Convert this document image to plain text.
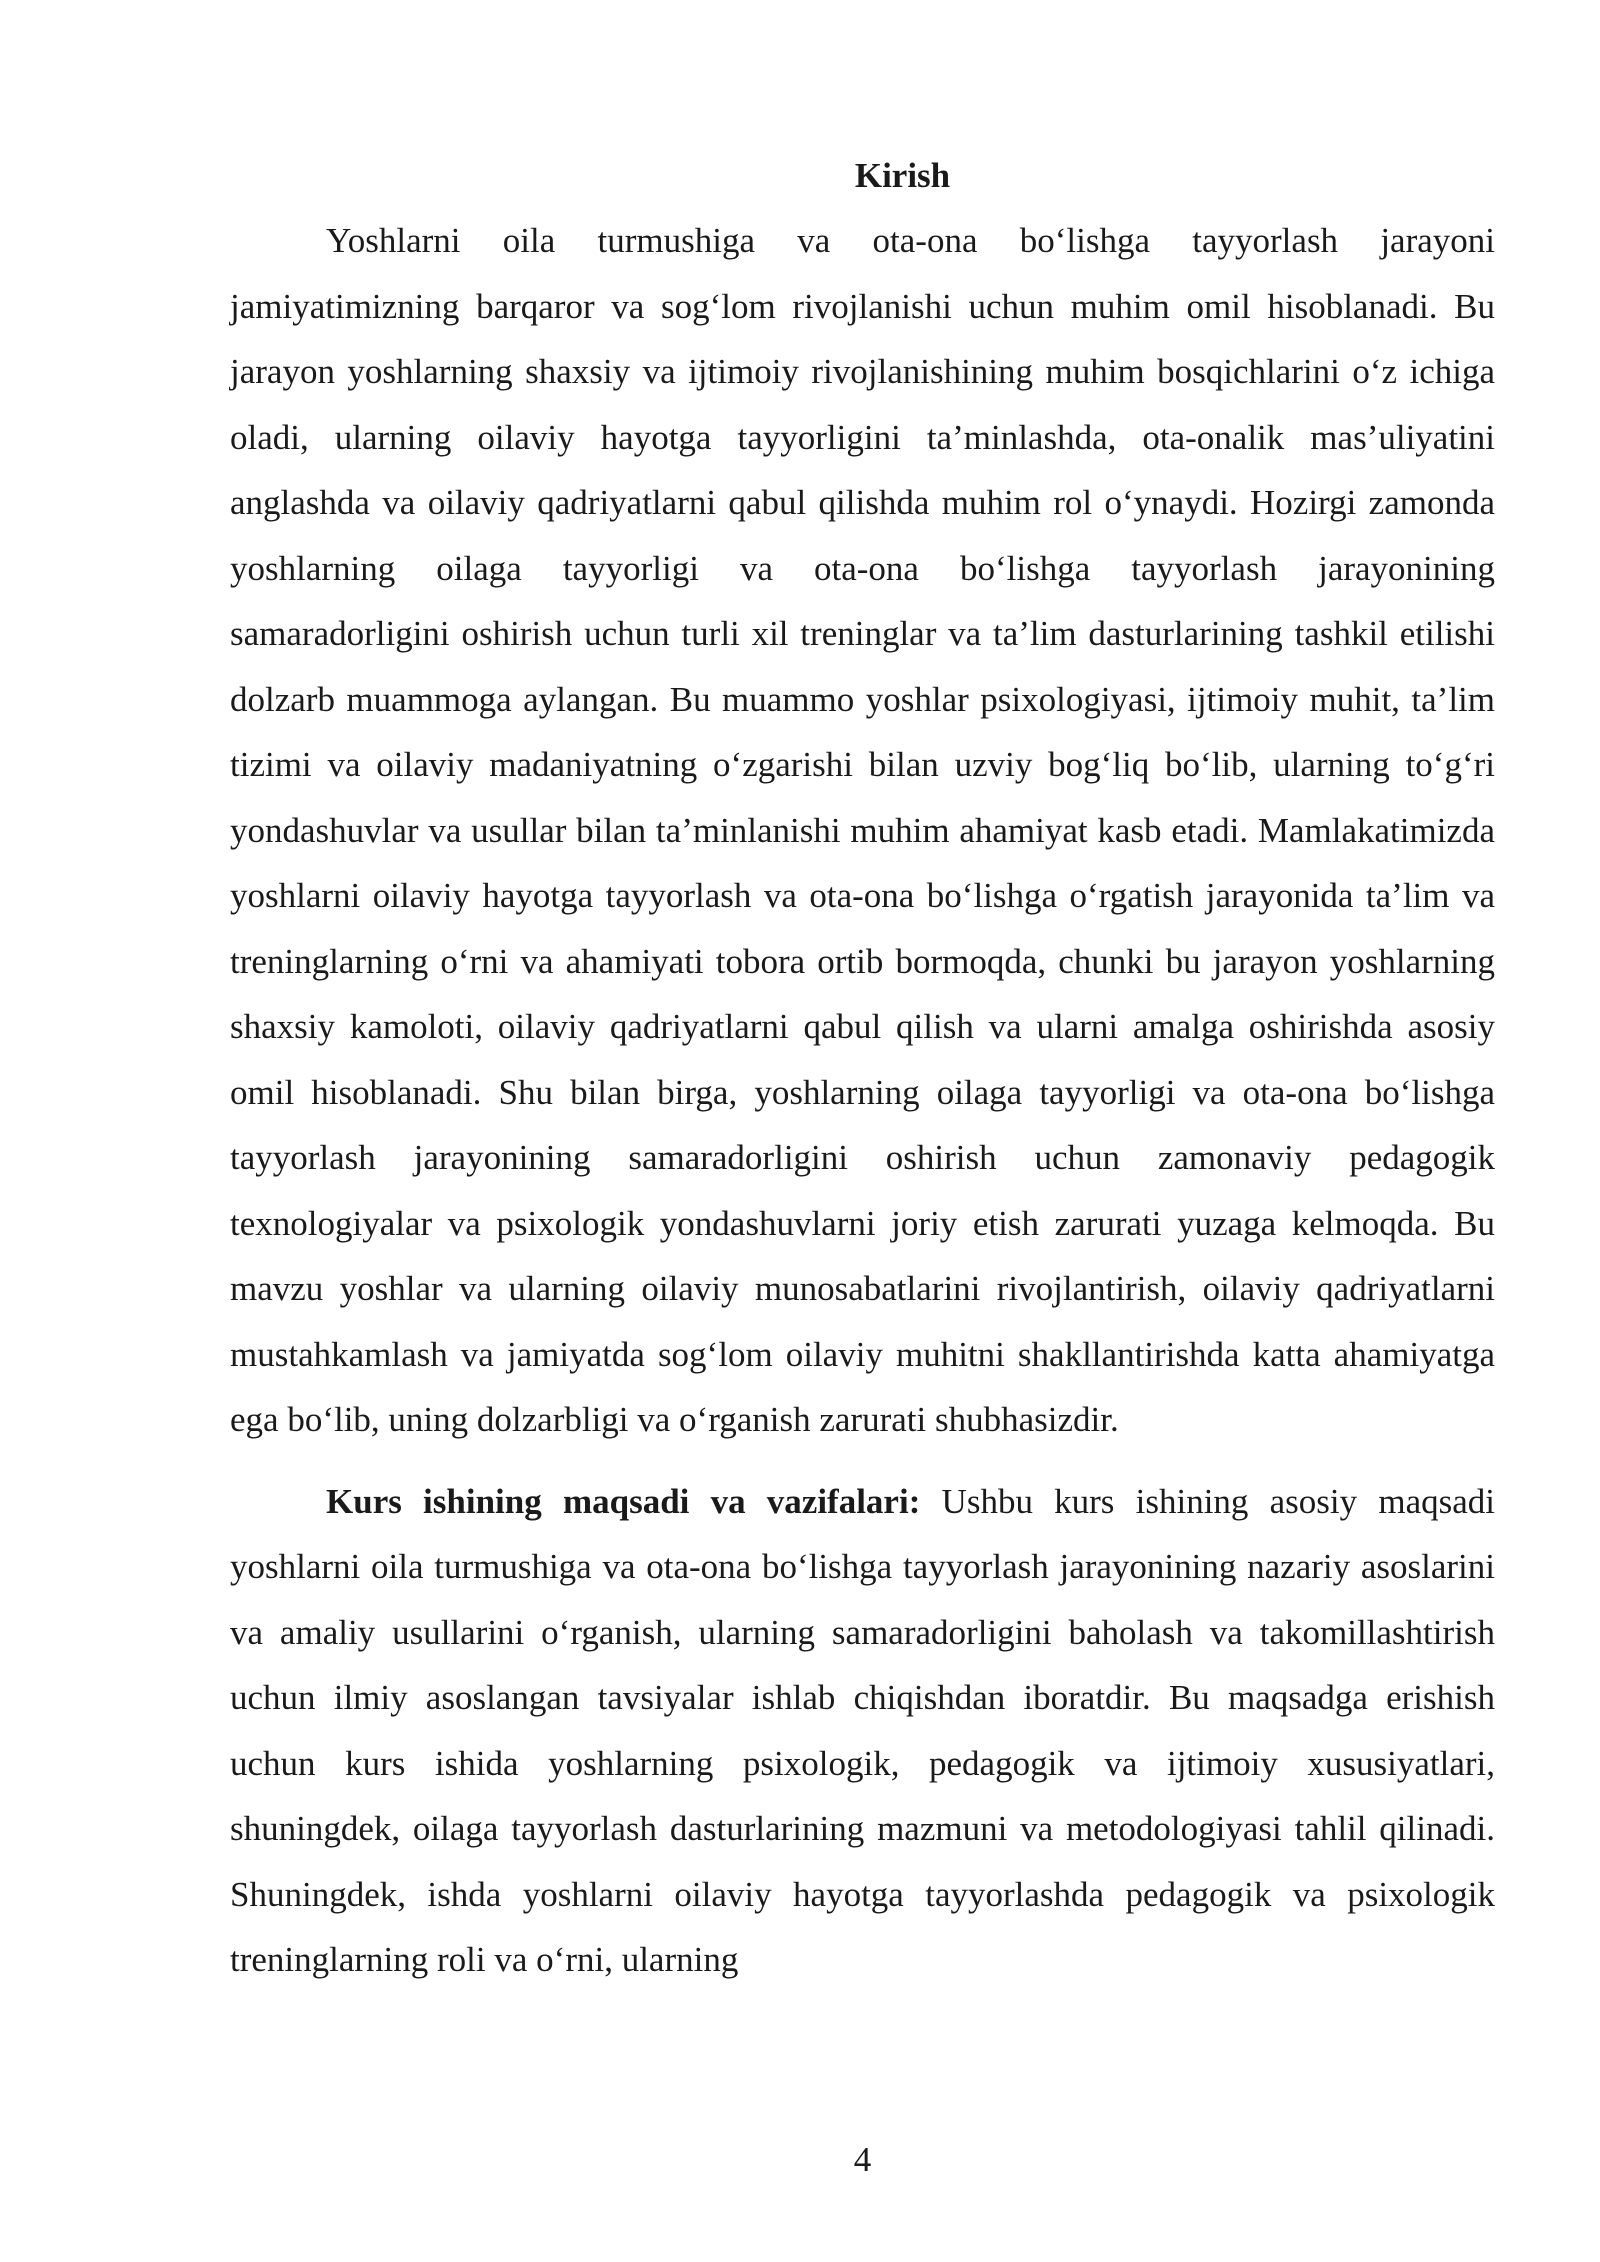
Kirish

Yoshlarni oila turmushiga va ota-ona bo‘lishga tayyorlash jarayoni jamiyatimizning barqaror va sog‘lom rivojlanishi uchun muhim omil hisoblanadi. Bu jarayon yoshlarning shaxsiy va ijtimoiy rivojlanishining muhim bosqichlarini o‘z ichiga oladi, ularning oilaviy hayotga tayyorligini ta’minlashda, ota-onalik mas’uliyatini anglashda va oilaviy qadriyatlarni qabul qilishda muhim rol o‘ynaydi. Hozirgi zamonda yoshlarning oilaga tayyorligi va ota-ona bo‘lishga tayyorlash jarayonining samaradorligini oshirish uchun turli xil treninglar va ta’lim dasturlarining tashkil etilishi dolzarb muammoga aylangan. Bu muammo yoshlar psixologiyasi, ijtimoiy muhit, ta’lim tizimi va oilaviy madaniyatning o‘zgarishi bilan uzviy bog‘liq bo‘lib, ularning to‘g‘ri yondashuvlar va usullar bilan ta’minlanishi muhim ahamiyat kasb etadi. Mamlakatimizda yoshlarni oilaviy hayotga tayyorlash va ota-ona bo‘lishga o‘rgatish jarayonida ta’lim va treninglarning o‘rni va ahamiyati tobora ortib bormoqda, chunki bu jarayon yoshlarning shaxsiy kamoloti, oilaviy qadriyatlarni qabul qilish va ularni amalga oshirishda asosiy omil hisoblanadi. Shu bilan birga, yoshlarning oilaga tayyorligi va ota-ona bo‘lishga tayyorlash jarayonining samaradorligini oshirish uchun zamonaviy pedagogik texnologiyalar va psixologik yondashuvlarni joriy etish zarurati yuzaga kelmoqda. Bu mavzu yoshlar va ularning oilaviy munosabatlarini rivojlantirish, oilaviy qadriyatlarni mustahkamlash va jamiyatda sog‘lom oilaviy muhitni shakllantirishda katta ahamiyatga ega bo‘lib, uning dolzarbligi va o‘rganish zarurati shubhasizdir.

Kurs ishining maqsadi va vazifalari: Ushbu kurs ishining asosiy maqsadi yoshlarni oila turmushiga va ota-ona bo‘lishga tayyorlash jarayonining nazariy asoslarini va amaliy usullarini o‘rganish, ularning samaradorligini baholash va takomillashtirish uchun ilmiy asoslangan tavsiyalar ishlab chiqishdan iboratdir. Bu maqsadga erishish uchun kurs ishida yoshlarning psixologik, pedagogik va ijtimoiy xususiyatlari, shuningdek, oilaga tayyorlash dasturlarining mazmuni va metodologiyasi tahlil qilinadi. Shuningdek, ishda yoshlarni oilaviy hayotga tayyorlashda pedagogik va psixologik treninglarning roli va o‘rni, ularning

4
